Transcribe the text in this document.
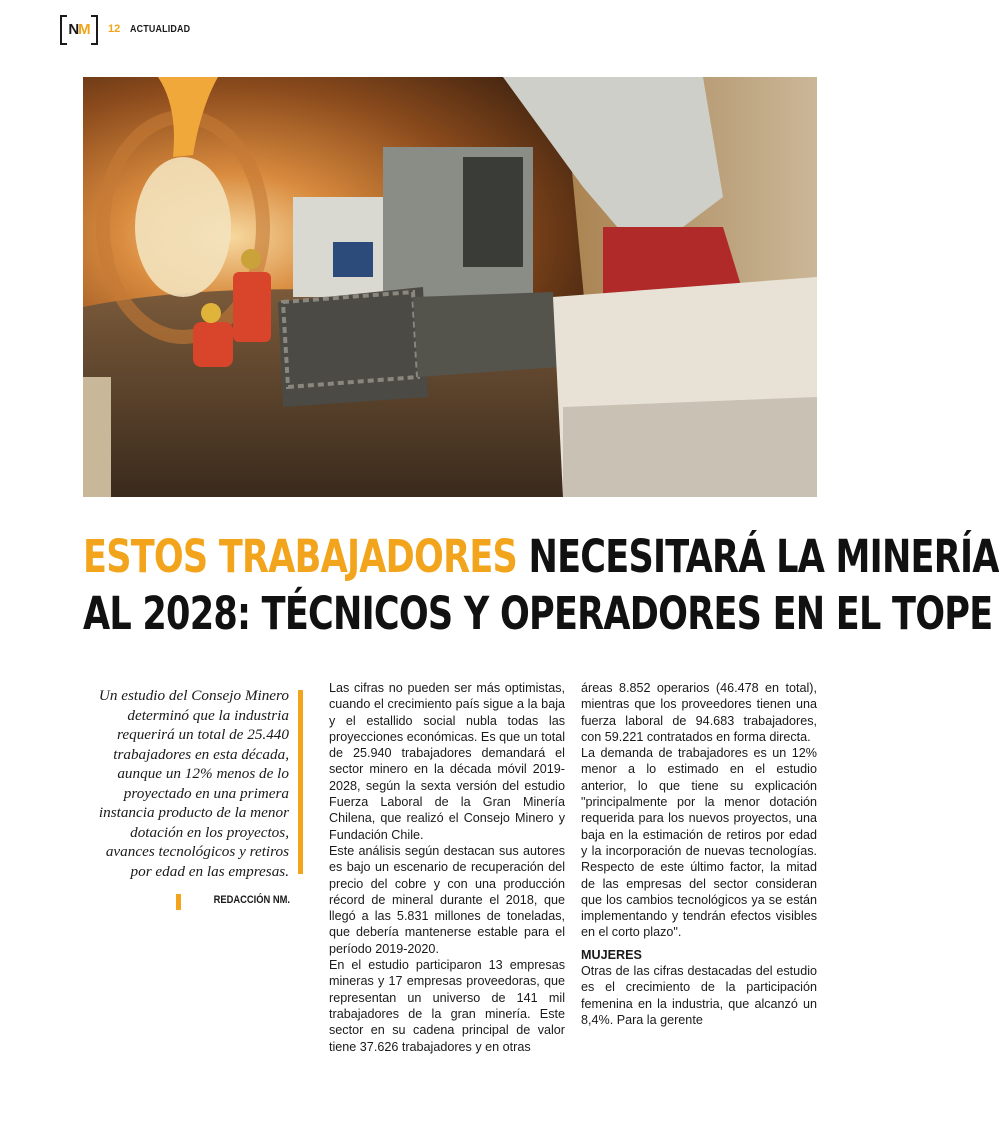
N M 12 ACTUALIDAD
ESTOS TRABAJADORES NECESITARÁ LA MINERÍA
AL 2028: TÉCNICOS Y OPERADORES EN EL TOPE
Un estudio del Consejo Minero determinó que la industria requerirá un total de 25.440 trabajadores en esta década, aunque un 12% menos de lo proyectado en una primera instancia producto de la menor dotación en los proyectos, avances tecnológicos y retiros por edad en las empresas.
REDACCIÓN NM.

Las cifras no pueden ser más optimistas, cuando el crecimiento país sigue a la baja y el estallido social nubla todas las proyecciones económicas. Es que un total de 25.940 trabajadores demandará el sector minero en la década móvil 2019-2028, según la sexta versión del estudio Fuerza Laboral de la Gran Minería Chilena, que realizó el Consejo Minero y Fundación Chile.

Este análisis según destacan sus autores es bajo un escenario de recuperación del precio del cobre y con una producción récord de mineral durante el 2018, que llegó a las 5.831 millones de toneladas, que debería mantenerse estable para el período 2019-2020.

En el estudio participaron 13 empresas mineras y 17 empresas proveedoras, que representan un universo de 141 mil trabajadores de la gran minería. Este sector en su cadena principal de valor tiene 37.626 trabajadores y en otras

áreas 8.852 operarios (46.478 en total), mientras que los proveedores tienen una fuerza laboral de 94.683 trabajadores, con 59.221 contratados en forma directa.

La demanda de trabajadores es un 12% menor a lo estimado en el estudio anterior, lo que tiene su explicación "principalmente por la menor dotación requerida para los nuevos proyectos, una baja en la estimación de retiros por edad y la incorporación de nuevas tecnologías. Respecto de este último factor, la mitad de las empresas del sector consideran que los cambios tecnológicos ya se están implementando y tendrán efectos visibles en el corto plazo".

MUJERES

Otras de las cifras destacadas del estudio es el crecimiento de la participación femenina en la industria, que alcanzó un 8,4%. Para la gerente
